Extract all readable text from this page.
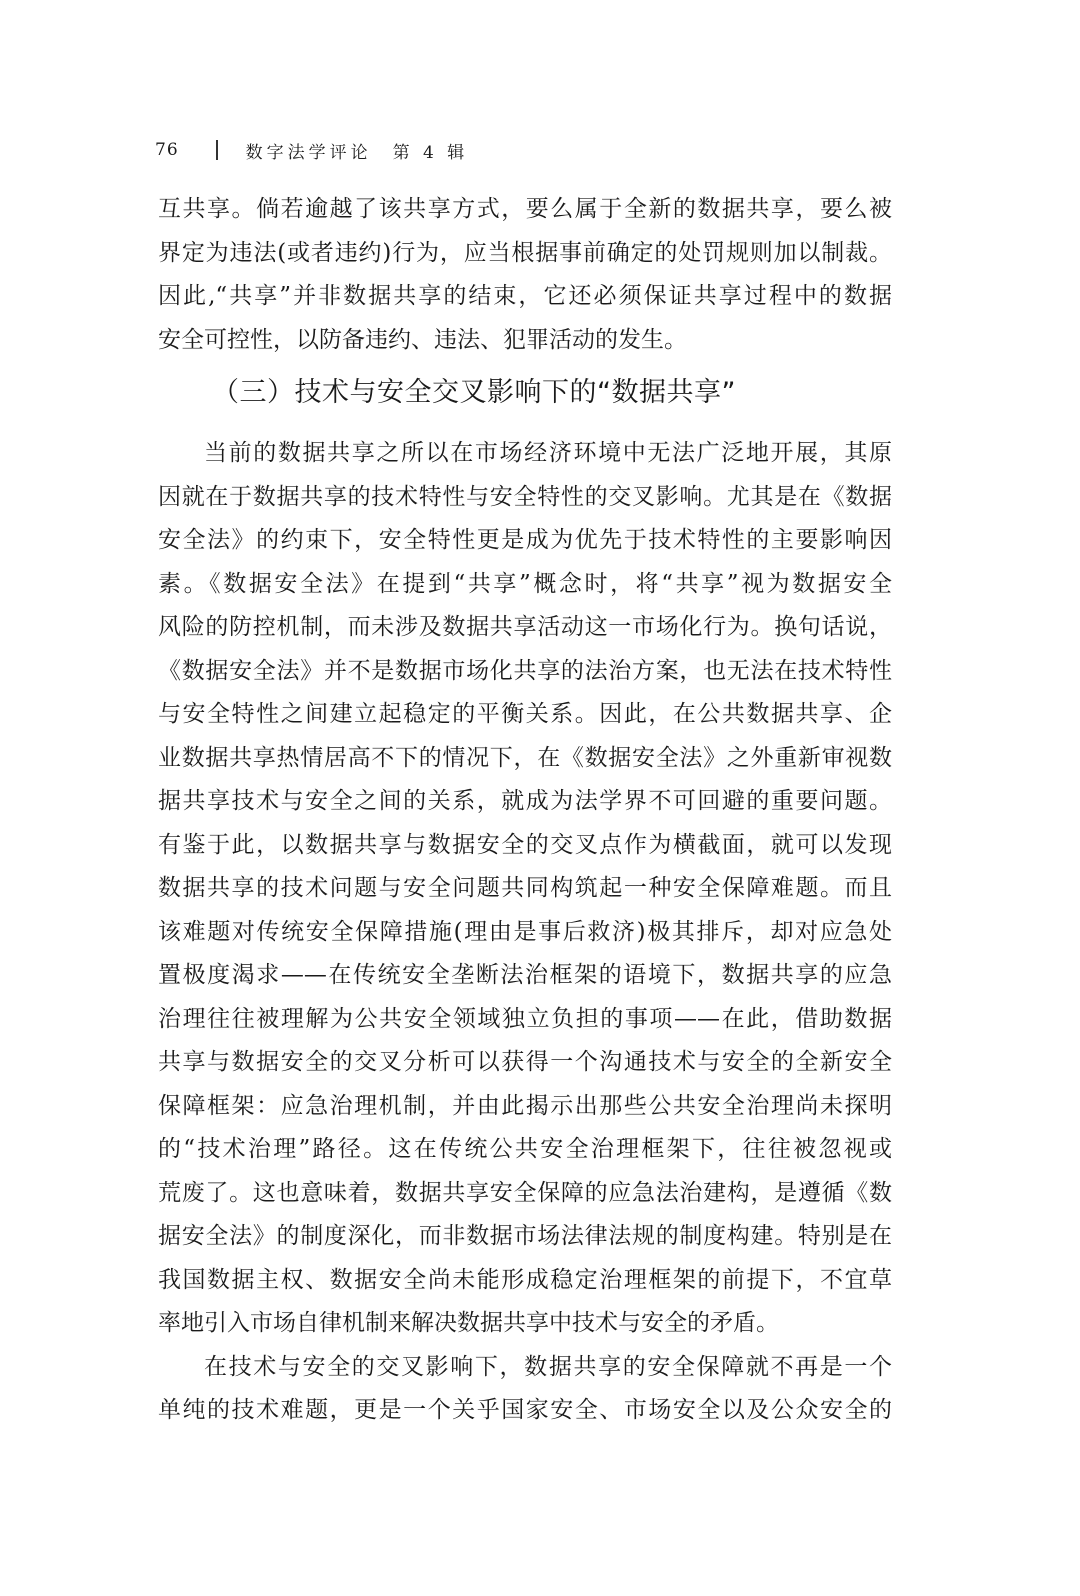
76	数字法学评论　第 4 辑
互共享。倘若逾越了该共享方式，要么属于全新的数据共享，要么被
界定为违法(或者违约)行为，应当根据事前确定的处罚规则加以制裁。
因此,“共享”并非数据共享的结束，它还必须保证共享过程中的数据
安全可控性，以防备违约、违法、犯罪活动的发生。
（三）技术与安全交叉影响下的“数据共享”
当前的数据共享之所以在市场经济环境中无法广泛地开展，其原
因就在于数据共享的技术特性与安全特性的交叉影响。尤其是在《数据
安全法》的约束下，安全特性更是成为优先于技术特性的主要影响因
素。《数据安全法》在提到“共享”概念时，将“共享”视为数据安全
风险的防控机制，而未涉及数据共享活动这一市场化行为。换句话说，
《数据安全法》并不是数据市场化共享的法治方案，也无法在技术特性
与安全特性之间建立起稳定的平衡关系。因此，在公共数据共享、企
业数据共享热情居高不下的情况下，在《数据安全法》之外重新审视数
据共享技术与安全之间的关系，就成为法学界不可回避的重要问题。
有鉴于此，以数据共享与数据安全的交叉点作为横截面，就可以发现
数据共享的技术问题与安全问题共同构筑起一种安全保障难题。而且
该难题对传统安全保障措施(理由是事后救济)极其排斥，却对应急处
置极度渴求——在传统安全垄断法治框架的语境下，数据共享的应急
治理往往被理解为公共安全领域独立负担的事项——在此，借助数据
共享与数据安全的交叉分析可以获得一个沟通技术与安全的全新安全
保障框架：应急治理机制，并由此揭示出那些公共安全治理尚未探明
的“技术治理”路径。这在传统公共安全治理框架下，往往被忽视或
荒废了。这也意味着，数据共享安全保障的应急法治建构，是遵循《数
据安全法》的制度深化，而非数据市场法律法规的制度构建。特别是在
我国数据主权、数据安全尚未能形成稳定治理框架的前提下，不宜草
率地引入市场自律机制来解决数据共享中技术与安全的矛盾。
在技术与安全的交叉影响下，数据共享的安全保障就不再是一个
单纯的技术难题，更是一个关乎国家安全、市场安全以及公众安全的
